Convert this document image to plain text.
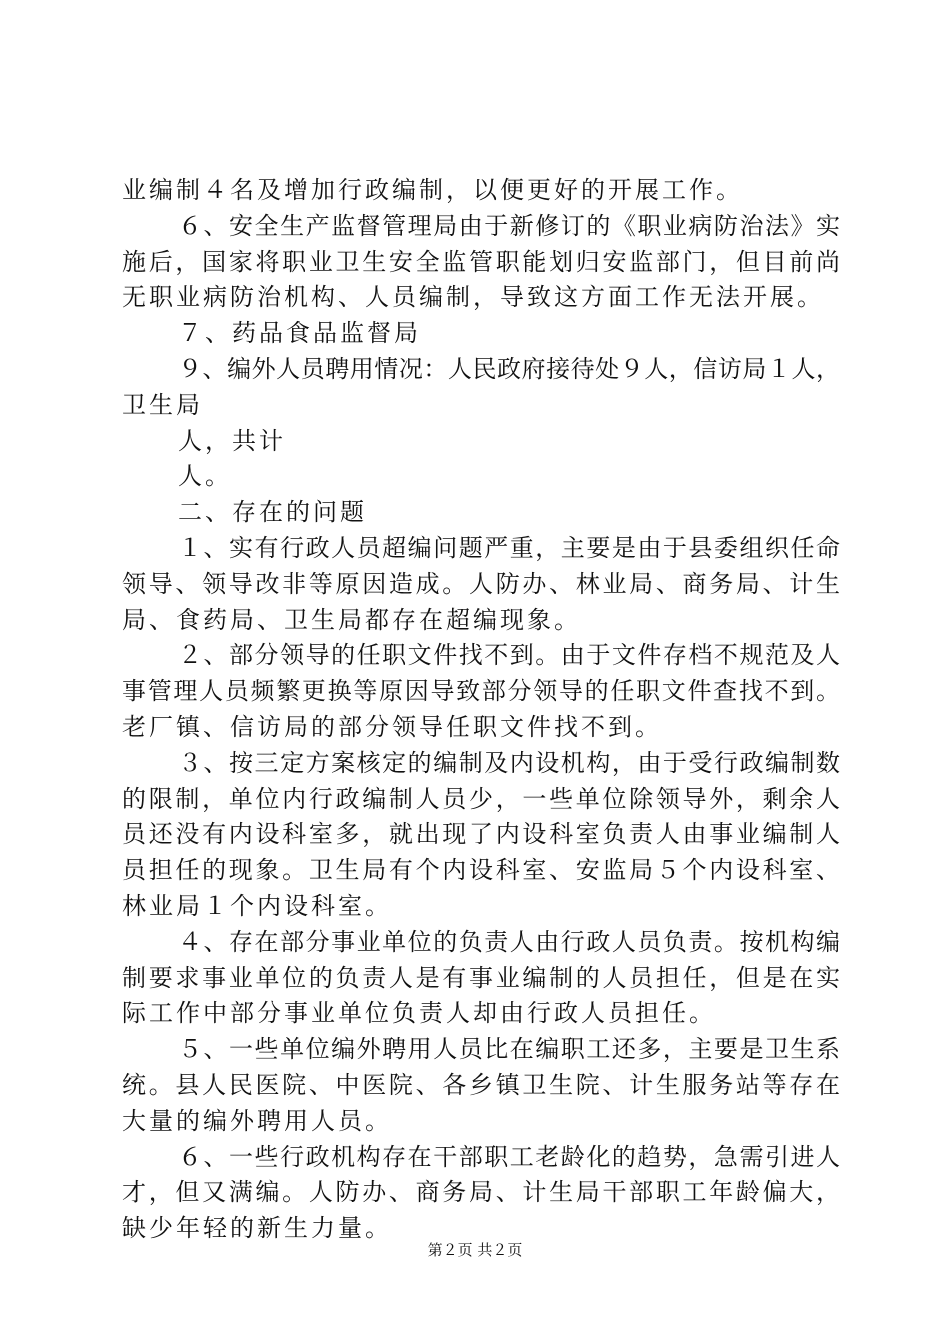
业编制４名及增加行政编制，以便更好的开展工作。
６、安全生产监督管理局由于新修订的《职业病防治法》实
施后，国家将职业卫生安全监管职能划归安监部门，但目前尚
无职业病防治机构、人员编制，导致这方面工作无法开展。
７、药品食品监督局
９、编外人员聘用情况：人民政府接待处９人，信访局１人，
卫生局
人，共计
人。
二、存在的问题
１、实有行政人员超编问题严重，主要是由于县委组织任命
领导、领导改非等原因造成。人防办、林业局、商务局、计生
局、食药局、卫生局都存在超编现象。
２、部分领导的任职文件找不到。由于文件存档不规范及人
事管理人员频繁更换等原因导致部分领导的任职文件查找不到。
老厂镇、信访局的部分领导任职文件找不到。
３、按三定方案核定的编制及内设机构，由于受行政编制数
的限制，单位内行政编制人员少，一些单位除领导外，剩余人
员还没有内设科室多，就出现了内设科室负责人由事业编制人
员担任的现象。卫生局有个内设科室、安监局５个内设科室、
林业局１个内设科室。
４、存在部分事业单位的负责人由行政人员负责。按机构编
制要求事业单位的负责人是有事业编制的人员担任，但是在实
际工作中部分事业单位负责人却由行政人员担任。
５、一些单位编外聘用人员比在编职工还多，主要是卫生系
统。县人民医院、中医院、各乡镇卫生院、计生服务站等存在
大量的编外聘用人员。
６、一些行政机构存在干部职工老龄化的趋势，急需引进人
才，但又满编。人防办、商务局、计生局干部职工年龄偏大，
缺少年轻的新生力量。
第２页 共２页
